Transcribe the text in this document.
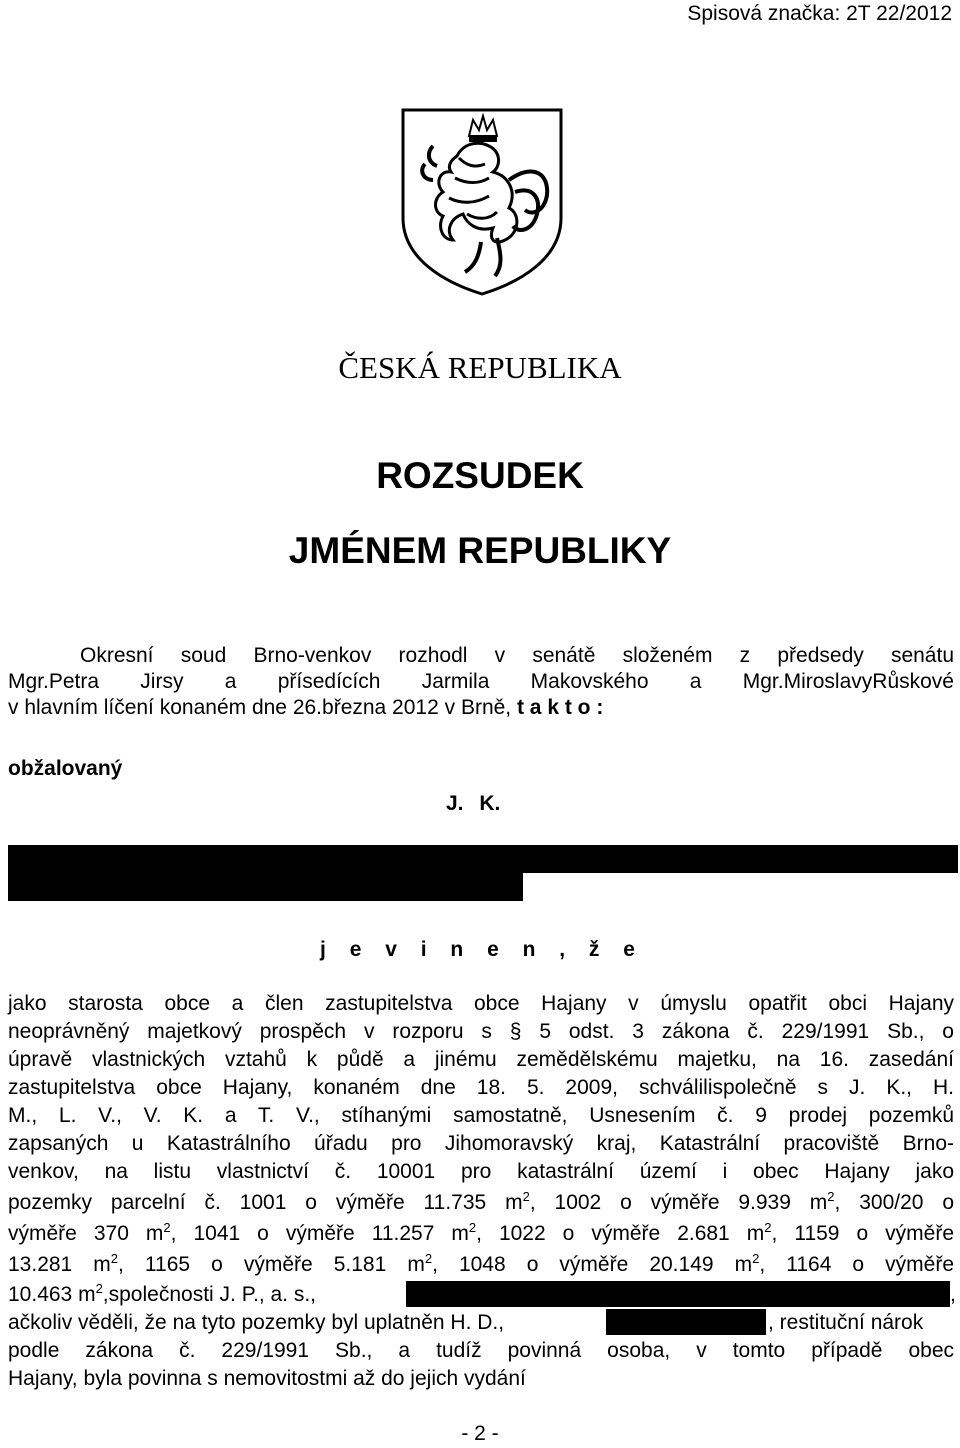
Spisová značka: 2T 22/2012
ČESKÁ REPUBLIKA
ROZSUDEK
JMÉNEM REPUBLIKY
Okresní soud Brno-venkov rozhodl v senátě složeném z předsedy senátu
Mgr.Petra Jirsy a přísedících Jarmila Makovského a Mgr.MiroslavyRůskové
v hlavním líčení konaném dne 26.března 2012 v Brně, t a k t o :
obžalovaný
J. K.
j e v i n e n , ž e
jako starosta obce a člen zastupitelstva obce Hajany v úmyslu opatřit obci Hajany
neoprávněný majetkový prospěch v rozporu s § 5 odst. 3 zákona č. 229/1991 Sb., o
úpravě vlastnických vztahů k půdě a jinému zemědělskému majetku, na 16. zasedání
zastupitelstva obce Hajany, konaném dne 18. 5. 2009, schválilispolečně s J. K., H.
M., L. V., V. K. a T. V., stíhanými samostatně, Usnesením č. 9 prodej pozemků
zapsaných u Katastrálního úřadu pro Jihomoravský kraj, Katastrální pracoviště Brno-
venkov, na listu vlastnictví č. 10001 pro katastrální území i obec Hajany jako
pozemky parcelní č. 1001 o výměře 11.735 $m^2$, 1002 o výměře 9.939 $m^2$, 300/20 o
výměře 370 $m^2$, 1041 o výměře 11.257 $m^2$, 1022 o výměře 2.681 $m^2$, 1159 o výměře
13.281 $m^2$, 1165 o výměře 5.181 $m^2$, 1048 o výměře 20.149 $m^2$, 1164 o výměře
10.463 $m^2,společnosti$ J. P., a. s.,	,
ačkoliv věděli, že na tyto pozemky byl uplatněn H. D.,	, restituční nárok
podle zákona č. 229/1991 Sb., a tudíž povinná osoba, v tomto případě obec
Hajany, byla povinna s nemovitostmi až do jejich vydání
- 2 -
